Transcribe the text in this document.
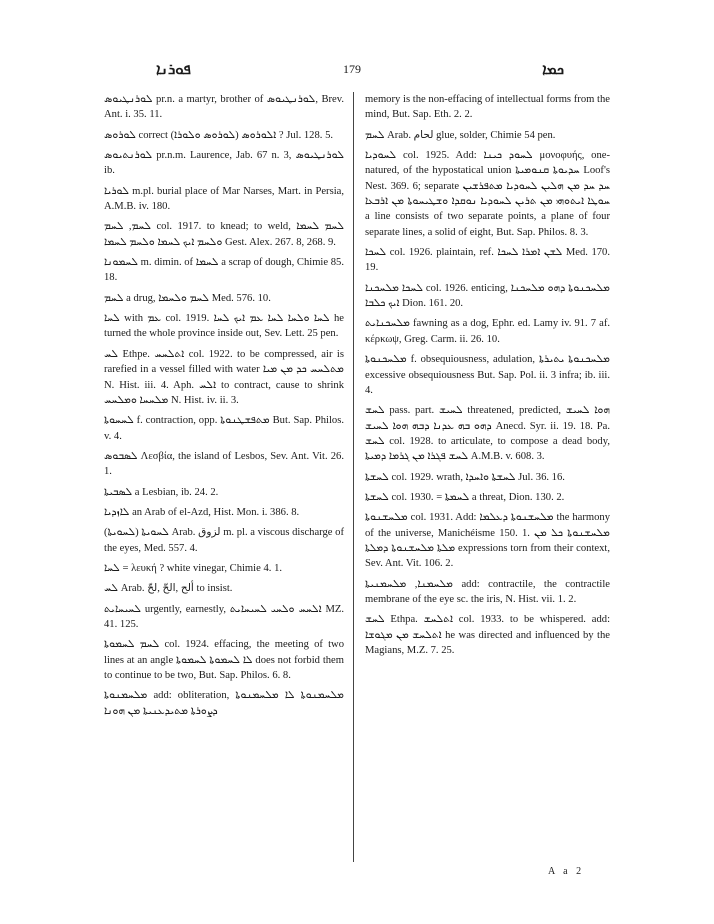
ܦܘܪܢܐ	179	ܟܡܐ

ܠܘܪܢܛܝܘܣ pr.n. a martyr, brother of ܠܘܪܢܛܝܘܣ, Brev. Ant. i. 35. 11.

ܠܘܪܘܣ correct (ܠܘܪܘܣ ܘܠܘܪܐ) ܐܠܘܪܘܣ ? Jul. 128. 5.

ܠܘܪܢܬܝܘܣ pr.n.m. Laurence, Jab. 67 n. 3, ܠܘܪܢܛܝܘܣ ib.

ܠܘܪܝܐ m.pl. burial place of Mar Narses, Mart. in Persia, A.M.B. iv. 180.

ܠܚܡ, ܠܚܡ col. 1917. to knead; to weld, ܠܚܡ ܠܚܡܐ ܘܠܚܡ ܐܝܟ ܠܚܡܐ ܘܠܚܡ ܠܚܡܐ Gest. Alex. 267. 8, 268. 9.

ܠܚܡܘܢܐ m. dimin. of ܠܚܡܐ a scrap of dough, Chimie 85. 18.

ܠܚܡ a drug, ܠܚܡ ܘܠܚܡܐ Med. 576. 10.

ܠܚܐ with ܥܡ col. 1919. ܠܚܐ ܘܠܚܐ ܠܚܐ ܥܡ ܐܝܟ ܠܚܐ he turned the whole province inside out, Sev. Lett. 25 pen.

ܠܚ Ethpe. ܐܬܠܚܚ col. 1922. to be compressed, air is rarefied in a vessel filled with water ܡܬܠܚܚ ܟܕ ܡܢ ܡܝܐ N. Hist. iii. 4. Aph. ܐܠܚ to contract, cause to shrink ܡܠܚܚܐ ܘܡܠܚܚ N. Hist. iv. ii. 3.

ܠܚܚܘܬܐ f. contraction, opp. ܡܬܦܫܛܢܘܬܐ But. Sap. Philos. v. 4.

ܠܣܒܘܣ Λεσβία, the island of Lesbos, Sev. Ant. Vit. 26. 1.

ܠܣܒܝܬܐ a Lesbian, ib. 24. 2.

ܠܐܙܕܝܐ an Arab of el-Azd, Hist. Mon. i. 386. 8.

(ܠܚܘܝܬܐ) ܠܚܘܝܬܐ Arab. لزوق m. pl. a viscous discharge of the eyes, Med. 557. 4.

ܠܚܐ = λευκή ? white vinegar, Chimie 4. 1.

ܠܚ Arab. ألح ,الحّ ,لحّ to insist.

ܠܚܝܚܐܝܬ urgently, earnestly, ܐܠܚܚ ܘܠܚܝ ܠܚܝܚܐܝܬ MZ. 41. 125.

ܠܚܡ ܠܚܡܘܬܐ col. 1924. effacing, the meeting of two lines at an angle ܠܐ ܠܚܡܘܬܐ ܠܚܡܘܬܐ does not forbid them to continue to be two, But. Sap. Philos. 6. 8.

ܡܠܚܡܢܘܬܐ add: obliteration, ܡܠܚܡܢܘܬܐ ܠܐ ܡܠܚܡܢܘܬܐ ܕܨܘܪܬܐ ܡܬܝܕܥܢܝܬܐ ܡܢ ܗܘܢܐ

memory is the non-effacing of intellectual forms from the mind, But. Sap. Eth. 2. 2.

ܠܚܡ Arab. لحام glue, solder, Chimie 54 pen.

ܠܚܘܕܝܐ col. 1925. Add: ܠܚܘܕ ܟܝܢܐ μονοφυής, one-natured, of the hypostatical union ܚܕܝܘܬܐ ܩܢܘܡܝܬܐ Loof's Nest. 369. 6; separate ܚܕ ܚܕ ܡܢ ܗܠܝܢ ܠܚܘܕܝܐ ܡܬܦܪܫܝܢ ܚܘܛܐ ܐܝܬܘܗܝ ܡܢ ܬܪܝܢ ܠܚܘܕܝܐ ܢܘܩܕܐ ܘܫܛܝܚܘܬܐ ܡܢ ܐܪܒܥܐ a line consists of two separate points, a plane of four separate lines, a solid of eight, But. Sap. Philos. 8. 3.

ܠܚܟܐ col. 1926. plaintain, ref. ܠܫܢ ܐܡܪܐ ܠܚܟܐ Med. 170. 19.

ܠܚܟܐ ܡܠܚܟܢܐ col. 1926. enticing, ܡܠܚܟܢܘܬܐ ܕܗܘ ܡܠܚܟܢܐ ܐܝܟ ܟܠܒܐ Dion. 161. 20.

ܡܠܚܟܢܐܝܬ fawning as a dog, Ephr. ed. Lamy iv. 91. 7 af. κέρκωψ, Greg. Carm. ii. 26. 10.

ܡܠܚܟܢܘܬܐ f. obsequiousness, adulation, ܡܠܚܟܢܘܬܐ ܝܬܝܪܬܐ excessive obsequiousness But. Sap. Pol. ii. 3 infra; ib. iii. 4.

ܠܚܫ pass. part. ܠܚܝܫ threatened, predicted, ܗܘܐ ܠܚܝܫ ܕܗܘ ܒܗ ܥܕܢܐ ܕܒܗ ܗܘܐ ܠܚܝܫ Anecd. Syr. ii. 19. 18. Pa. ܠܚܫ col. 1928. to articulate, to compose a dead body, ܠܚܫ ܦܓܪܐ ܡܢ ܓܪܡܐ ܕܡܝܬܐ A.M.B. v. 608. 3.

ܠܚܫܬܐ col. 1929. wrath, ܠܚܫܬܐ ܘܐܚܕܐ Jul. 36. 16.

ܠܚܫܬܐ col. 1930. = ܠܚܡܬܐ a threat, Dion. 130. 2.

ܡܠܚܫܢܘܬܐ col. 1931. Add: ܡܠܚܫܢܘܬܐ ܕܥܠܡܐ the harmony of the universe, Manichéisme 150. 1. ܡܠܚܫܢܘܬܐ ܟܠ ܡܢ ܡܠܬܐ ܡܠܚܫܢܘܬܐ ܕܡܠܬܐ expressions torn from their context, Sev. Ant. Vit. 106. 2.

ܡܠܚܡܢܐ, ܡܠܚܡܢܝܬܐ add: contractile, the contractile membrane of the eye sc. the iris, N. Hist. vii. 1. 2.

ܠܚܫ Ethpa. ܐܬܠܚܫ col. 1933. to be whispered. add: ܐܬܠܚܫ ܡܢ ܡܓܘܫܐ he was directed and influenced by the Magians, M.Z. 7. 25.

A a 2
